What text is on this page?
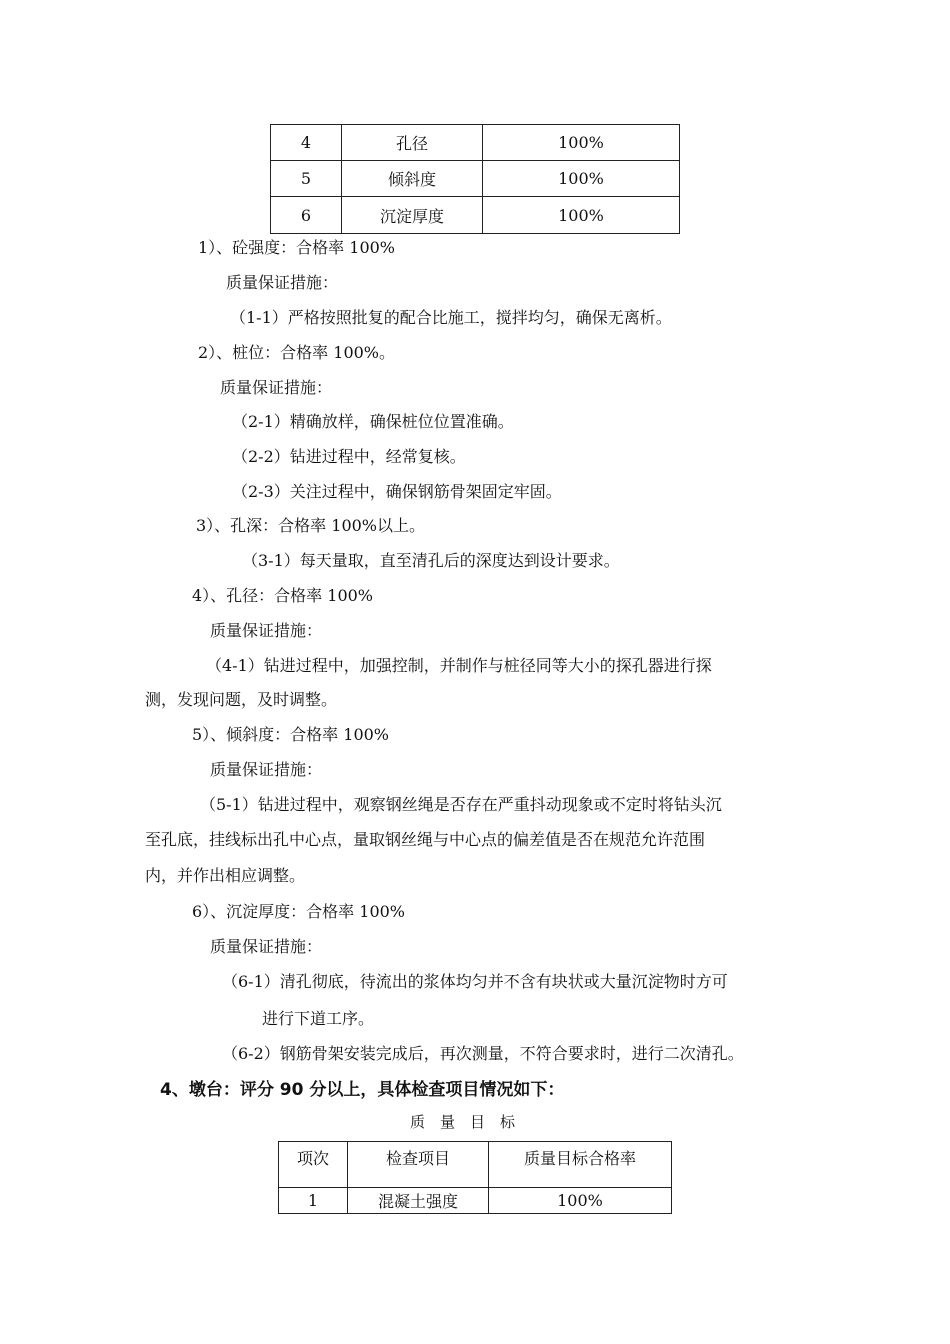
4	孔径	100%
5	倾斜度	100%
6	沉淀厚度	100%
1）、砼强度：合格率 100%
质量保证措施：
（1-1）严格按照批复的配合比施工，搅拌均匀，确保无离析。
2）、桩位：合格率 100%。
质量保证措施：
（2-1）精确放样，确保桩位位置准确。
（2-2）钻进过程中，经常复核。
（2-3）关注过程中，确保钢筋骨架固定牢固。
3）、孔深：合格率 100%以上。
（3-1）每天量取，直至清孔后的深度达到设计要求。
4）、孔径：合格率 100%
质量保证措施：
（4-1）钻进过程中，加强控制，并制作与桩径同等大小的探孔器进行探
测，发现问题，及时调整。
5）、倾斜度：合格率 100%
质量保证措施：
（5-1）钻进过程中，观察钢丝绳是否存在严重抖动现象或不定时将钻头沉
至孔底，挂线标出孔中心点，量取钢丝绳与中心点的偏差值是否在规范允许范围
内，并作出相应调整。
6）、沉淀厚度：合格率 100%
质量保证措施：
（6-1）清孔彻底，待流出的浆体均匀并不含有块状或大量沉淀物时方可
进行下道工序。
（6-2）钢筋骨架安装完成后，再次测量，不符合要求时，进行二次清孔。
4、墩台：评分 90 分以上，具体检查项目情况如下：
质　量　目　标
项次	检查项目	质量目标合格率
1	混凝土强度	100%
